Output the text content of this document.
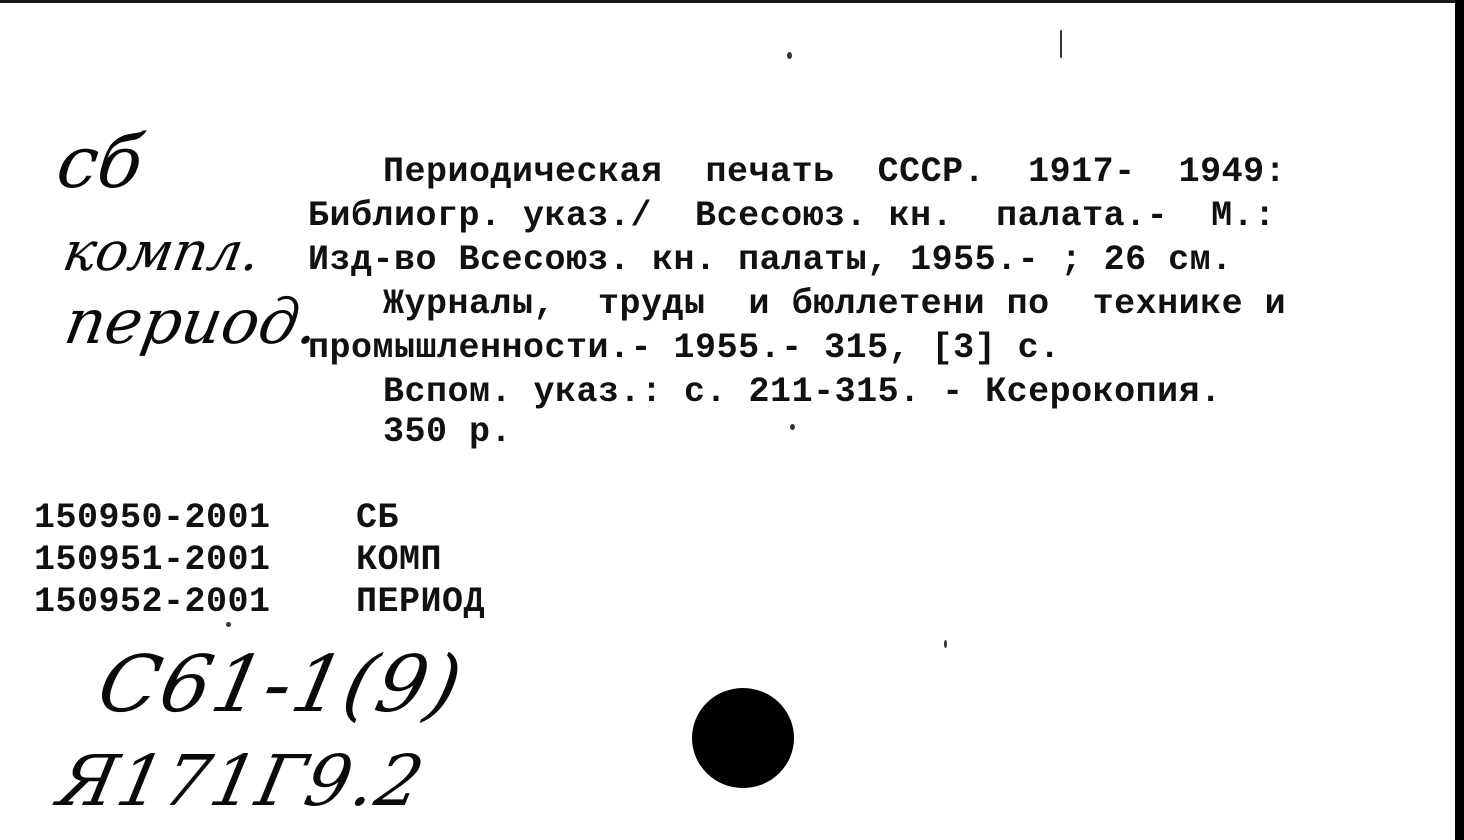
сб
компл.
период.
Периодическая  печать  СССР.  1917-  1949:
Библиогр. указ./  Всесоюз. кн.  палата.-  М.:
Изд-во Всесоюз. кн. палаты, 1955.- ; 26 см.
Журналы,  труды  и бюллетени по  технике и
промышленности.- 1955.- 315, [3] с.
Вспом. указ.: с. 211-315. - Ксерокопия.
350 р.
150950-2001 СБ
150951-2001 КОМП
150952-2001 ПЕРИОД
С61-1(9)
Я171Г9.2
